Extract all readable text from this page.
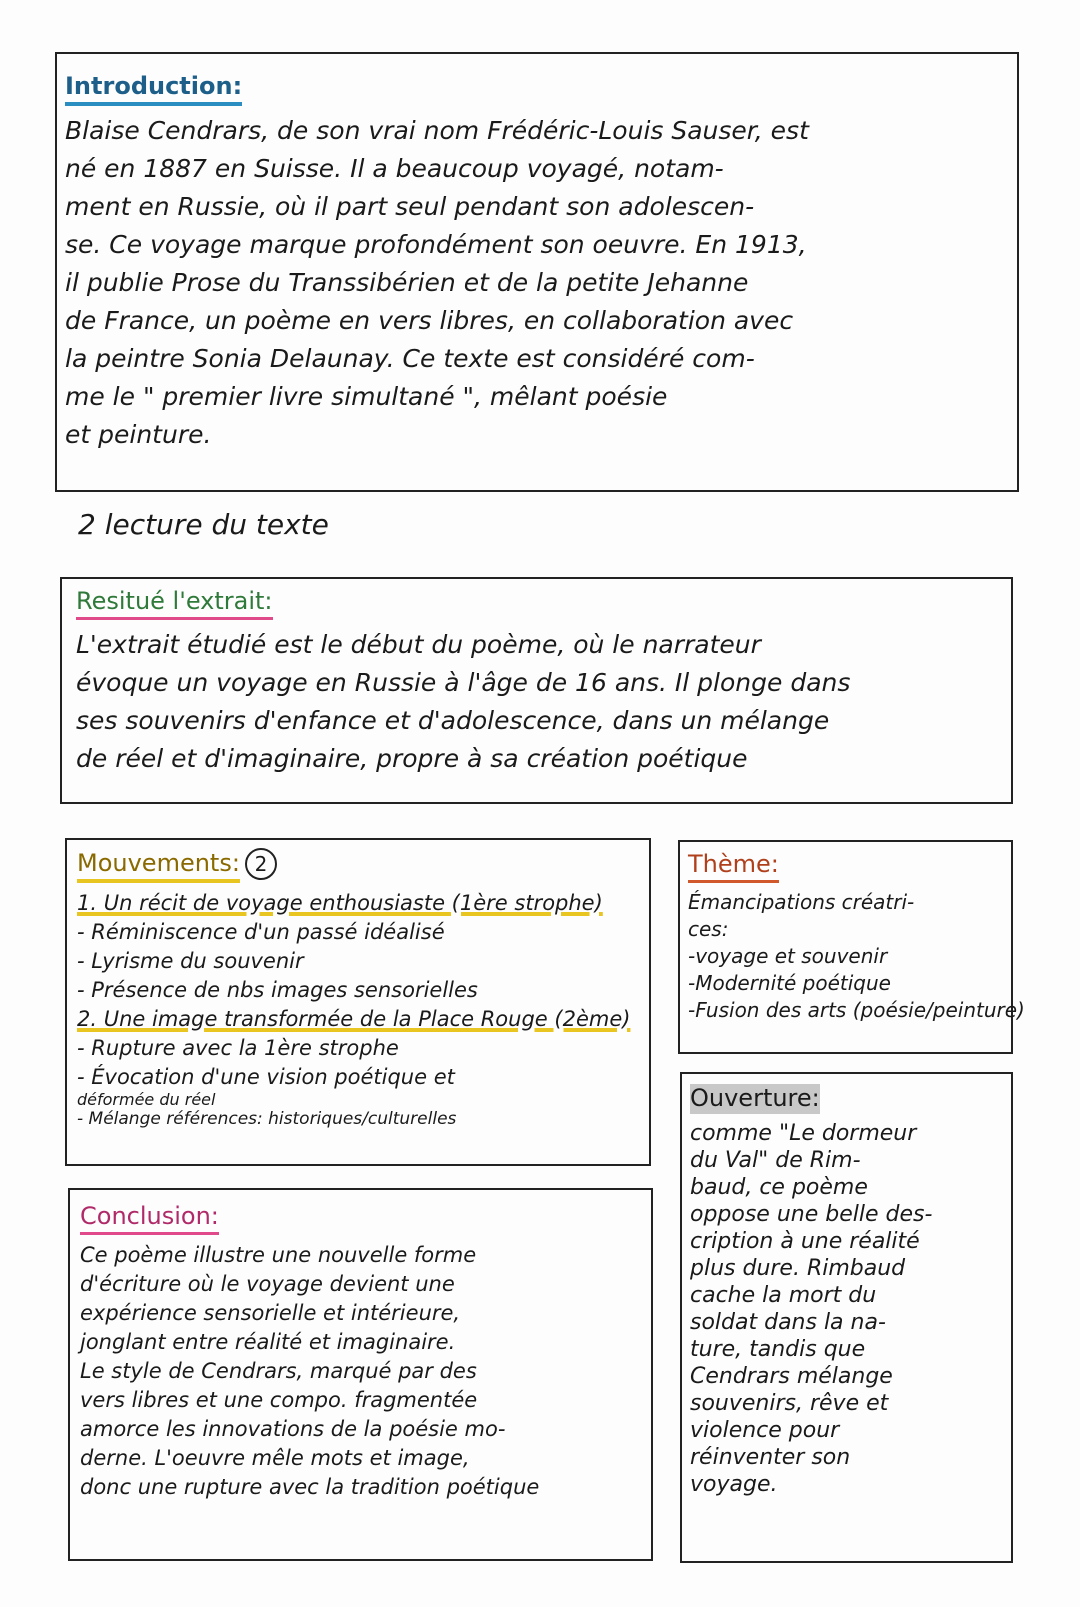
Introduction:
Blaise Cendrars, de son vrai nom Frédéric-Louis Sauser, est
né en 1887 en Suisse. Il a beaucoup voyagé, notam-
ment en Russie, où il part seul pendant son adolescen-
se. Ce voyage marque profondément son oeuvre. En 1913,
il publie Prose du Transsibérien et de la petite Jehanne
de France, un poème en vers libres, en collaboration avec
la peintre Sonia Delaunay. Ce texte est considéré com-
me le " premier livre simultané ", mêlant poésie
et peinture.
2 lecture du texte
Resitué l'extrait:
L'extrait étudié est le début du poème, où le narrateur
évoque un voyage en Russie à l'âge de 16 ans. Il plonge dans
ses souvenirs d'enfance et d'adolescence, dans un mélange
de réel et d'imaginaire, propre à sa création poétique
Mouvements: 2
1. Un récit de voyage enthousiaste (1ère strophe)
- Réminiscence d'un passé idéalisé
- Lyrisme du souvenir
- Présence de nbs images sensorielles
2. Une image transformée de la Place Rouge (2ème)
- Rupture avec la 1ère strophe
- Évocation d'une vision poétique et
déformée du réel
- Mélange références: historiques/culturelles
Thème:
Émancipations créatri-
ces:
-voyage et souvenir
-Modernité poétique
-Fusion des arts (poésie/peinture)
Ouverture:
comme "Le dormeur
du Val" de Rim-
baud, ce poème
oppose une belle des-
cription à une réalité
plus dure. Rimbaud
cache la mort du
soldat dans la na-
ture, tandis que
Cendrars mélange
souvenirs, rêve et
violence pour
réinventer son
voyage.
Conclusion:
Ce poème illustre une nouvelle forme
d'écriture où le voyage devient une
expérience sensorielle et intérieure,
jonglant entre réalité et imaginaire.
Le style de Cendrars, marqué par des
vers libres et une compo. fragmentée
amorce les innovations de la poésie mo-
derne. L'oeuvre mêle mots et image,
donc une rupture avec la tradition poétique
